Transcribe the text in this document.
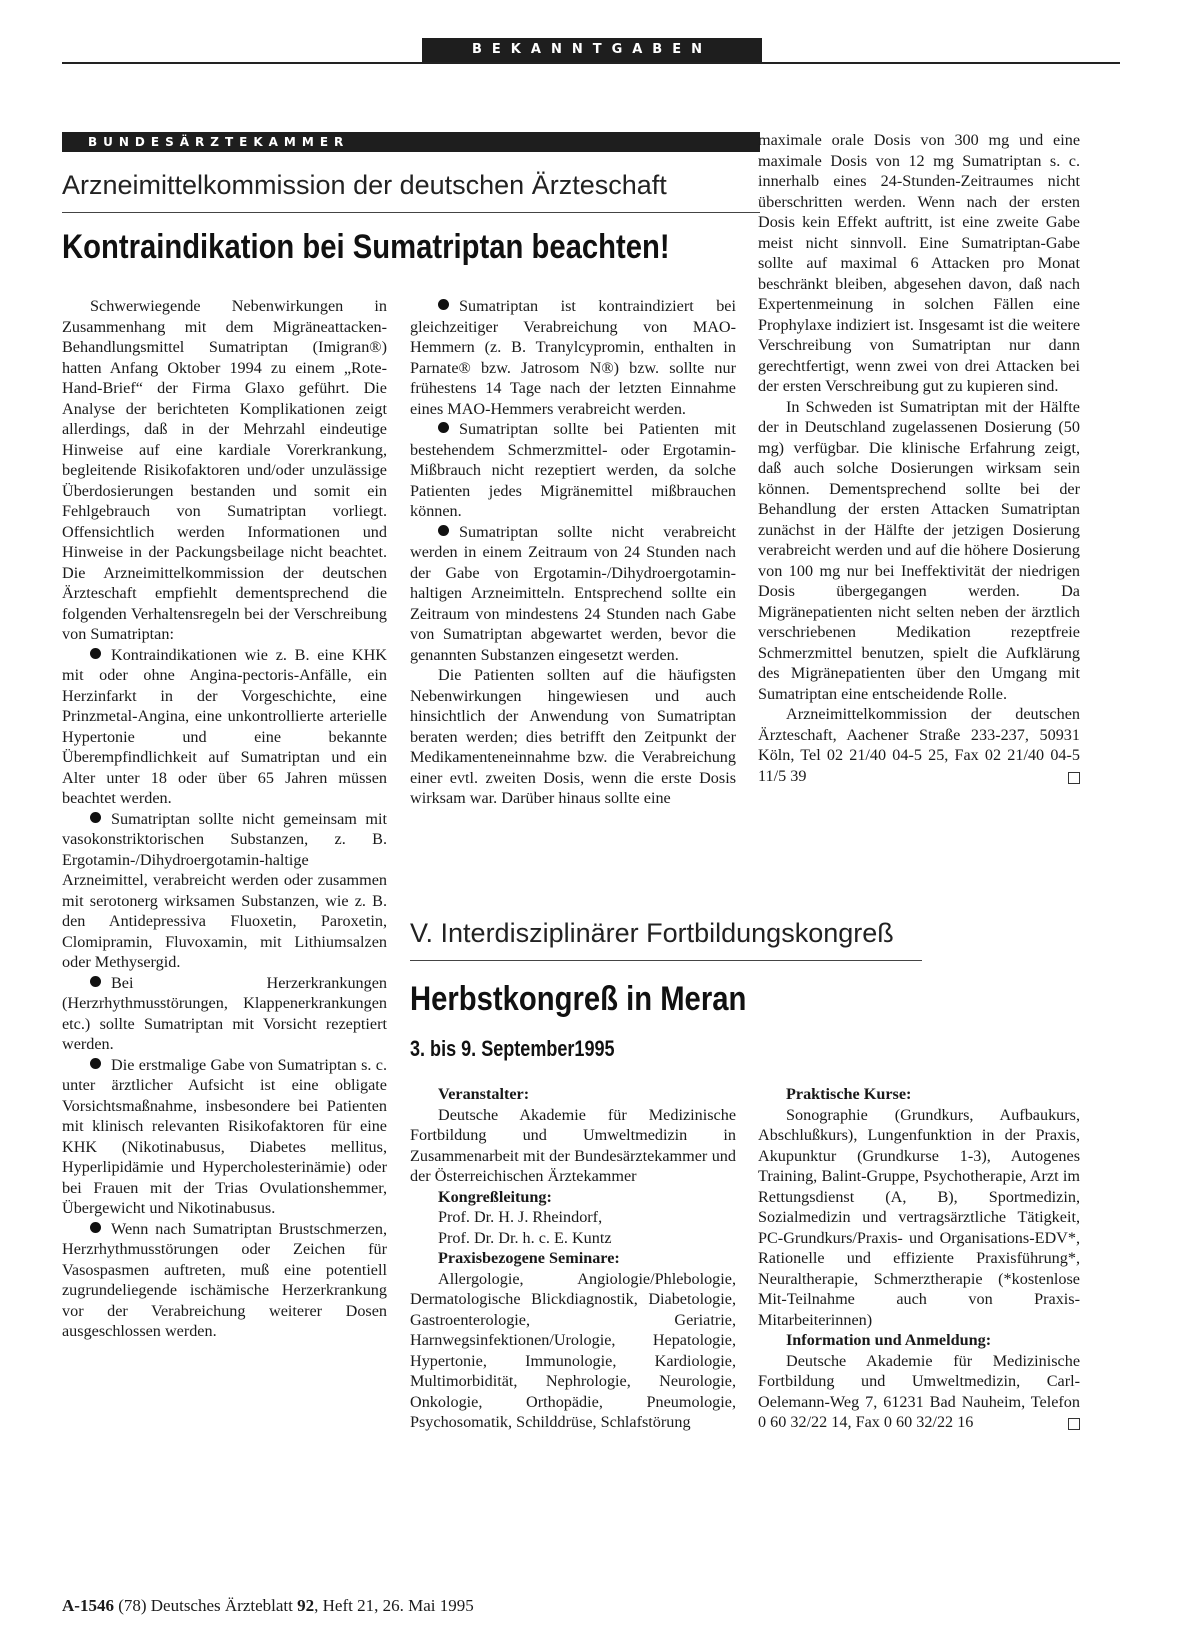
BEKANNTGABEN
BUNDESÄRZTEKAMMER
Arzneimittelkommission der deutschen Ärzteschaft
Kontraindikation bei Sumatriptan beachten!

Schwerwiegende Nebenwirkungen in Zusammenhang mit dem Migräneattacken-Behandlungsmittel Sumatriptan (Imigran®) hatten Anfang Oktober 1994 zu einem „Rote-Hand-Brief“ der Firma Glaxo geführt. Die Analyse der berichteten Komplikationen zeigt allerdings, daß in der Mehrzahl eindeutige Hinweise auf eine kardiale Vorerkrankung, begleitende Risikofaktoren und/oder unzulässige Überdosierungen bestanden und somit ein Fehlgebrauch von Sumatriptan vorliegt. Offensichtlich werden Informationen und Hinweise in der Packungsbeilage nicht beachtet. Die Arzneimittelkommission der deutschen Ärzteschaft empfiehlt dementsprechend die folgenden Verhaltensregeln bei der Verschreibung von Sumatriptan:

Kontraindikationen wie z. B. eine KHK mit oder ohne Angina-pectoris-Anfälle, ein Herzinfarkt in der Vorgeschichte, eine Prinzmetal-Angina, eine unkontrollierte arterielle Hypertonie und eine bekannte Überempfindlichkeit auf Sumatriptan und ein Alter unter 18 oder über 65 Jahren müssen beachtet werden.

Sumatriptan sollte nicht gemeinsam mit vasokonstriktorischen Substanzen, z. B. Ergotamin-/Dihydroergotamin-haltige Arzneimittel, verabreicht werden oder zusammen mit serotonerg wirksamen Substanzen, wie z. B. den Antidepressiva Fluoxetin, Paroxetin, Clomipramin, Fluvoxamin, mit Lithiumsalzen oder Methysergid.

Bei Herzerkrankungen (Herzrhythmusstörungen, Klappenerkrankungen etc.) sollte Sumatriptan mit Vorsicht rezeptiert werden.

Die erstmalige Gabe von Sumatriptan s. c. unter ärztlicher Aufsicht ist eine obligate Vorsichtsmaßnahme, insbesondere bei Patienten mit klinisch relevanten Risikofaktoren für eine KHK (Nikotinabusus, Diabetes mellitus, Hyperlipidämie und Hypercholesterinämie) oder bei Frauen mit der Trias Ovulationshemmer, Übergewicht und Nikotinabusus.

Wenn nach Sumatriptan Brustschmerzen, Herzrhythmusstörungen oder Zeichen für Vasospasmen auftreten, muß eine potentiell zugrundeliegende ischämische Herzerkrankung vor der Verabreichung weiterer Dosen ausgeschlossen werden.

Sumatriptan ist kontraindiziert bei gleichzeitiger Verabreichung von MAO-Hemmern (z. B. Tranylcypromin, enthalten in Parnate® bzw. Jatrosom N®) bzw. sollte nur frühestens 14 Tage nach der letzten Einnahme eines MAO-Hemmers verabreicht werden.

Sumatriptan sollte bei Patienten mit bestehendem Schmerzmittel- oder Ergotamin-Mißbrauch nicht rezeptiert werden, da solche Patienten jedes Migränemittel mißbrauchen können.

Sumatriptan sollte nicht verabreicht werden in einem Zeitraum von 24 Stunden nach der Gabe von Ergotamin-/Dihydroergotamin-haltigen Arzneimitteln. Entsprechend sollte ein Zeitraum von mindestens 24 Stunden nach Gabe von Sumatriptan abgewartet werden, bevor die genannten Substanzen eingesetzt werden.

Die Patienten sollten auf die häufigsten Nebenwirkungen hingewiesen und auch hinsichtlich der Anwendung von Sumatriptan beraten werden; dies betrifft den Zeitpunkt der Medikamenteneinnahme bzw. die Verabreichung einer evtl. zweiten Dosis, wenn die erste Dosis wirksam war. Darüber hinaus sollte eine

maximale orale Dosis von 300 mg und eine maximale Dosis von 12 mg Sumatriptan s. c. innerhalb eines 24-Stunden-Zeitraumes nicht überschritten werden. Wenn nach der ersten Dosis kein Effekt auftritt, ist eine zweite Gabe meist nicht sinnvoll. Eine Sumatriptan-Gabe sollte auf maximal 6 Attacken pro Monat beschränkt bleiben, abgesehen davon, daß nach Expertenmeinung in solchen Fällen eine Prophylaxe indiziert ist. Insgesamt ist die weitere Verschreibung von Sumatriptan nur dann gerechtfertigt, wenn zwei von drei Attacken bei der ersten Verschreibung gut zu kupieren sind.

In Schweden ist Sumatriptan mit der Hälfte der in Deutschland zugelassenen Dosierung (50 mg) verfügbar. Die klinische Erfahrung zeigt, daß auch solche Dosierungen wirksam sein können. Dementsprechend sollte bei der Behandlung der ersten Attacken Sumatriptan zunächst in der Hälfte der jetzigen Dosierung verabreicht werden und auf die höhere Dosierung von 100 mg nur bei Ineffektivität der niedrigen Dosis übergegangen werden. Da Migränepatienten nicht selten neben der ärztlich verschriebenen Medikation rezeptfreie Schmerzmittel benutzen, spielt die Aufklärung des Migränepatienten über den Umgang mit Sumatriptan eine entscheidende Rolle.

Arzneimittelkommission der deutschen Ärzteschaft, Aachener Straße 233-237, 50931 Köln, Tel 02 21/40 04-5 25, Fax 02 21/40 04-5 11/5 39

V. Interdisziplinärer Fortbildungskongreß
Herbstkongreß in Meran
3. bis 9. September1995
Veranstalter:

Deutsche Akademie für Medizinische Fortbildung und Umweltmedizin in Zusammenarbeit mit der Bundesärztekammer und der Österreichischen Ärztekammer

Kongreßleitung:
Prof. Dr. H. J. Rheindorf,
Prof. Dr. Dr. h. c. E. Kuntz
Praxisbezogene Seminare:

Allergologie, Angiologie/Phlebologie, Dermatologische Blickdiagnostik, Diabetologie, Gastroenterologie, Geriatrie, Harnwegsinfektionen/Urologie, Hepatologie, Hypertonie, Immunologie, Kardiologie, Multimorbidität, Nephrologie, Neurologie, Onkologie, Orthopädie, Pneumologie, Psychosomatik, Schilddrüse, Schlafstörung

Praktische Kurse:

Sonographie (Grundkurs, Aufbaukurs, Abschlußkurs), Lungenfunktion in der Praxis, Akupunktur (Grundkurse 1-3), Autogenes Training, Balint-Gruppe, Psychotherapie, Arzt im Rettungsdienst (A, B), Sportmedizin, Sozialmedizin und vertragsärztliche Tätigkeit, PC-Grundkurs/Praxis- und Organisations-EDV*, Rationelle und effiziente Praxisführung*, Neuraltherapie, Schmerztherapie (*kostenlose Mit-Teilnahme auch von Praxis-Mitarbeiterinnen)

Information und Anmeldung:

Deutsche Akademie für Medizinische Fortbildung und Umweltmedizin, Carl-Oelemann-Weg 7, 61231 Bad Nauheim, Telefon 0 60 32/22 14, Fax 0 60 32/22 16

A-1546 (78) Deutsches Ärzteblatt 92, Heft 21, 26. Mai 1995
